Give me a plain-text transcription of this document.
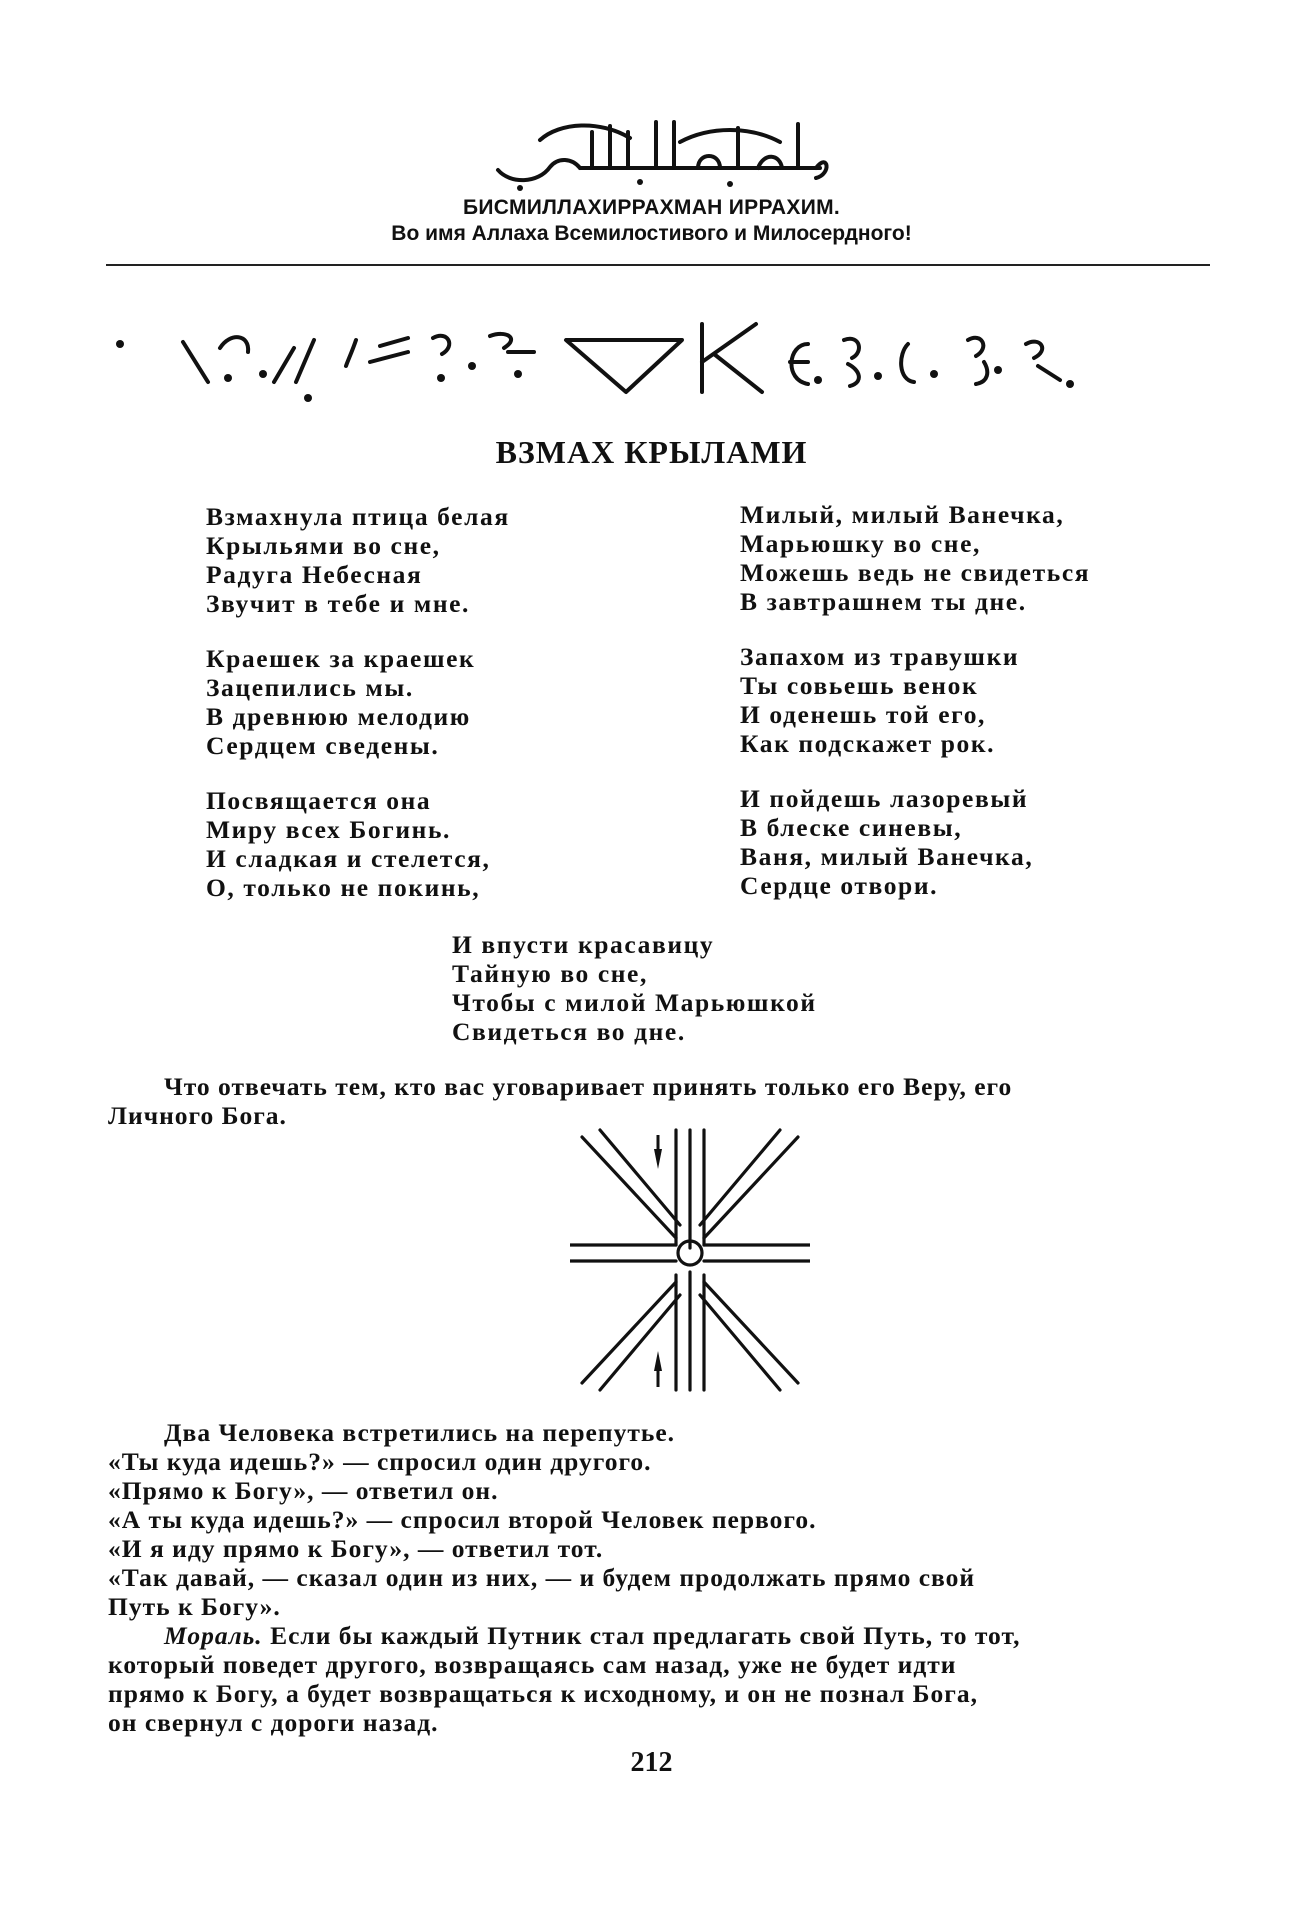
БИСМИЛЛАХИРРАХМАН ИРРАХИМ.

Во имя Аллаха Всемилостивого и Милосердного!

ВЗМАХ КРЫЛАМИ
Взмахнула птица белая
Крыльями во сне,
Радуга Небесная
Звучит в тебе и мне.
Краешек за краешек
Зацепились мы.
В древнюю мелодию
Сердцем сведены.
Посвящается она
Миру всех Богинь.
И сладкая и стелется,
О, только не покинь,
Милый, милый Ванечка,
Марьюшку во сне,
Можешь ведь не свидеться
В завтрашнем ты дне.
Запахом из травушки
Ты совьешь венок
И оденешь той его,
Как подскажет рок.
И пойдешь лазоревый
В блеске синевы,
Ваня, милый Ванечка,
Сердце отвори.
И впусти красавицу
Тайную во сне,
Чтобы с милой Марьюшкой
Свидеться во дне.
Что отвечать тем, кто вас уговаривает принять только его Веру, его
Личного Бога.
Два Человека встретились на перепутье.
«Ты куда идешь?» — спросил один другого.
«Прямо к Богу», — ответил он.
«А ты куда идешь?» — спросил второй Человек первого.
«И я иду прямо к Богу», — ответил тот.
«Так давай, — сказал один из них, — и будем продолжать прямо свой
Путь к Богу».
Мораль. Если бы каждый Путник стал предлагать свой Путь, то тот,
который поведет другого, возвращаясь сам назад, уже не будет идти
прямо к Богу, а будет возвращаться к исходному, и он не познал Бога,
он свернул с дороги назад.

212
